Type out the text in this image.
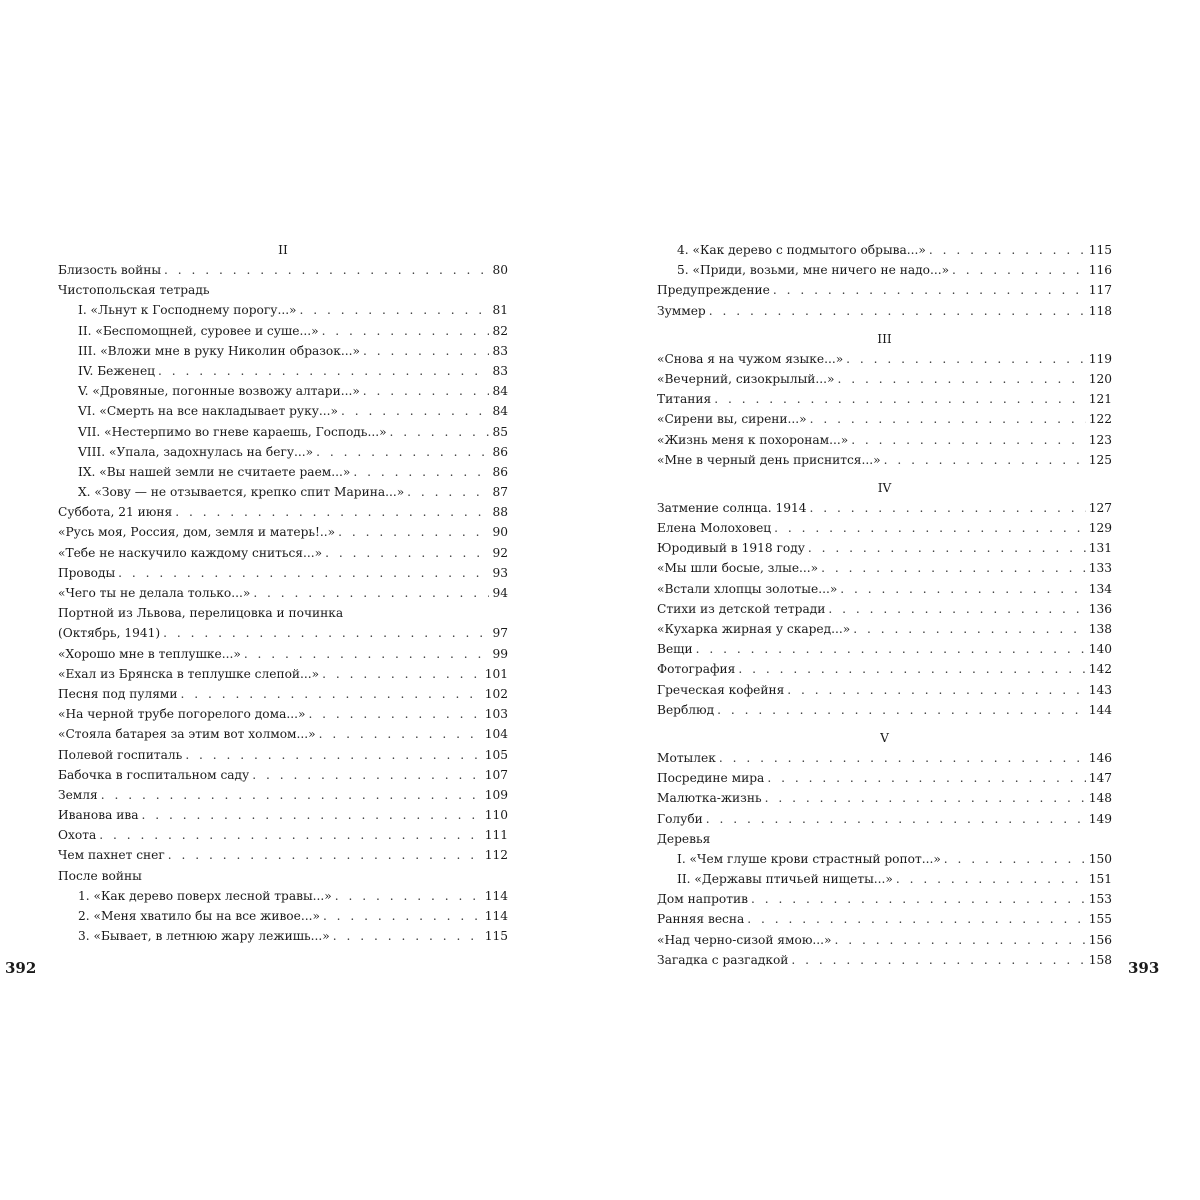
392	393
II
Близость войны . . .	80
Чистопольская тетрадь
I. «Льнут к Господнему порогу...» . . .	81
II. «Беспомощней, суровее и суше...» . . .	82
III. «Вложи мне в руку Николин образок...» . . .	83
IV. Беженец . . .	83
V. «Дровяные, погонные возвожу алтари...» . . .	84
VI. «Смерть на все накладывает руку...» . . .	84
VII. «Нестерпимо во гневе караешь, Господь...» . . .	85
VIII. «Упала, задохнулась на бегу...» . . .	86
IX. «Вы нашей земли не считаете раем...» . . .	86
X. «Зову — не отзывается, крепко спит Марина...» . . .	87
Суббота, 21 июня . . .	88
«Русь моя, Россия, дом, земля и матерь!..» . . .	90
«Тебе не наскучило каждому сниться...» . . .	92
Проводы . . .	93
«Чего ты не делала только...» . . .	94
Портной из Львова, перелицовка и починка
(Октябрь, 1941) . . .	97
«Хорошо мне в теплушке...» . . .	99
«Ехал из Брянска в теплушке слепой...» . . .	101
Песня под пулями . . .	102
«На черной трубе погорелого дома...» . . .	103
«Стояла батарея за этим вот холмом...» . . .	104
Полевой госпиталь . . .	105
Бабочка в госпитальном саду . . .	107
Земля . . .	109
Иванова ива . . .	110
Охота . . .	111
Чем пахнет снег . . .	112
После войны
1. «Как дерево поверх лесной травы...» . . .	114
2. «Меня хватило бы на все живое...» . . .	114
3. «Бывает, в летнюю жару лежишь...» . . .	115
4. «Как дерево с подмытого обрыва...» . . .	115
5. «Приди, возьми, мне ничего не надо...» . . .	116
Предупреждение . . .	117
Зуммер . . .	118
III
«Снова я на чужом языке...» . . .	119
«Вечерний, сизокрылый...» . . .	120
Титания . . .	121
«Сирени вы, сирени...» . . .	122
«Жизнь меня к похоронам...» . . .	123
«Мне в черный день приснится...» . . .	125
IV
Затмение солнца. 1914 . . .	127
Елена Молоховец . . .	129
Юродивый в 1918 году . . .	131
«Мы шли босые, злые...» . . .	133
«Встали хлопцы золотые...» . . .	134
Стихи из детской тетради . . .	136
«Кухарка жирная у скаред...» . . .	138
Вещи . . .	140
Фотография . . .	142
Греческая кофейня . . .	143
Верблюд . . .	144
V
Мотылек . . .	146
Посредине мира . . .	147
Малютка-жизнь . . .	148
Голуби . . .	149
Деревья
I. «Чем глуше крови страстный ропот...» . . .	150
II. «Державы птичьей нищеты...» . . .	151
Дом напротив . . .	153
Ранняя весна . . .	155
«Над черно-сизой ямою...» . . .	156
Загадка с разгадкой . . .	158
